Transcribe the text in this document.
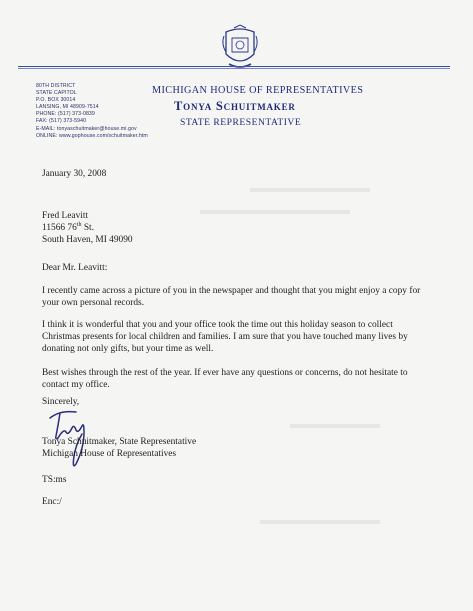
80TH DISTRICT
STATE CAPITOL
P.O. BOX 30014
LANSING, MI 48909-7514
PHONE: (517) 373-0839
FAX: (517) 373-5940
E-MAIL: tonyaschuitmaker@house.mi.gov
ONLINE: www.gophouse.com/schuitmaker.htm
MICHIGAN HOUSE OF REPRESENTATIVES
Tonya Schuitmaker
STATE REPRESENTATIVE
January 30, 2008
Fred Leavitt
11566 76th St.
South Haven, MI 49090
Dear Mr. Leavitt:
I recently came across a picture of you in the newspaper and thought that you might enjoy a copy for
your own personal records.
I think it is wonderful that you and your office took the time out this holiday season to collect
Christmas presents for local children and families. I am sure that you have touched many lives by
donating not only gifts, but your time as well.
Best wishes through the rest of the year. If ever have any questions or concerns, do not hesitate to
contact my office.
Sincerely,
Tonya Schuitmaker, State Representative
Michigan House of Representatives
TS:ms
Enc:/
